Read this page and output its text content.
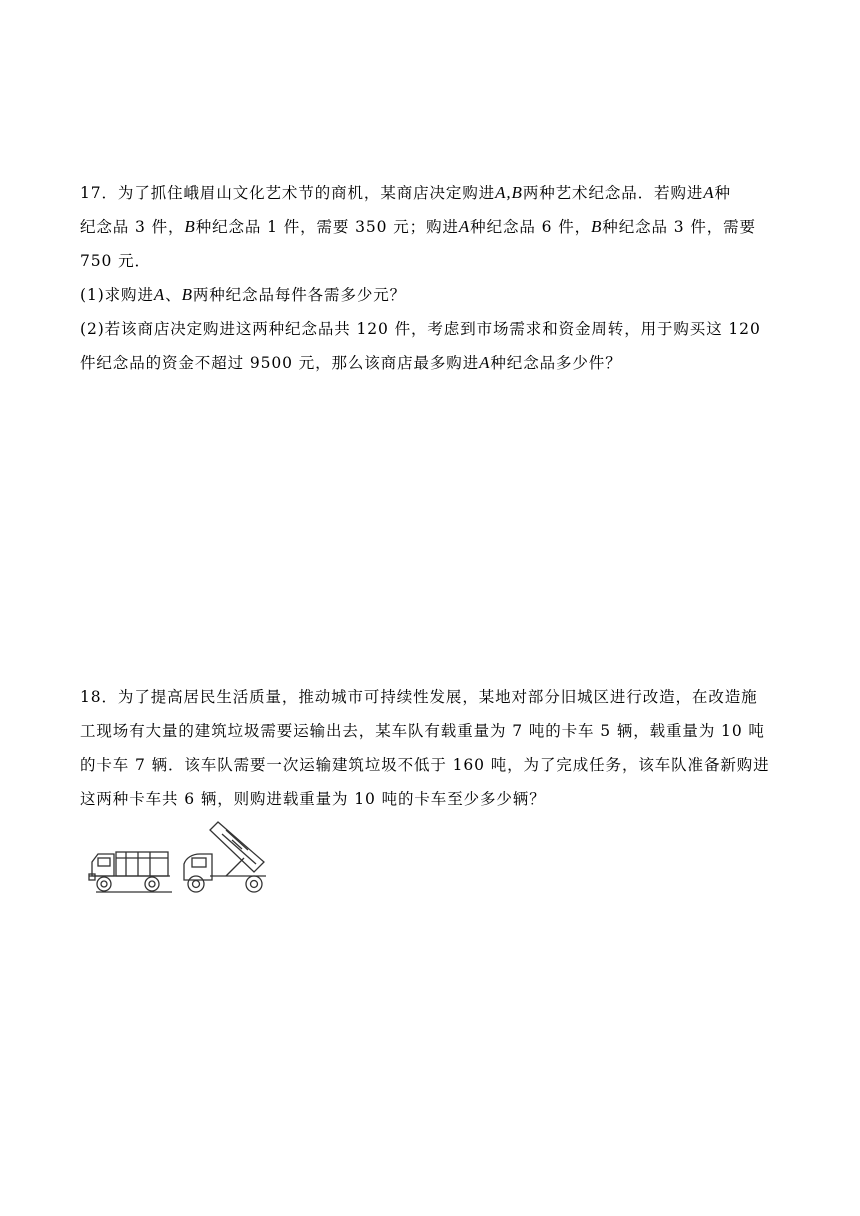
17．为了抓住峨眉山文化艺术节的商机，某商店决定购进A,B两种艺术纪念品．若购进A种
纪念品 3 件，B种纪念品 1 件，需要 350 元；购进A种纪念品 6 件，B种纪念品 3 件，需要
750 元．
(1)求购进A、B两种纪念品每件各需多少元？
(2)若该商店决定购进这两种纪念品共 120 件，考虑到市场需求和资金周转，用于购买这 120
件纪念品的资金不超过 9500 元，那么该商店最多购进A种纪念品多少件？
18．为了提高居民生活质量，推动城市可持续性发展，某地对部分旧城区进行改造，在改造施
工现场有大量的建筑垃圾需要运输出去，某车队有载重量为 7 吨的卡车 5 辆，载重量为 10 吨
的卡车 7 辆．该车队需要一次运输建筑垃圾不低于 160 吨，为了完成任务，该车队准备新购进
这两种卡车共 6 辆，则购进载重量为 10 吨的卡车至少多少辆？
